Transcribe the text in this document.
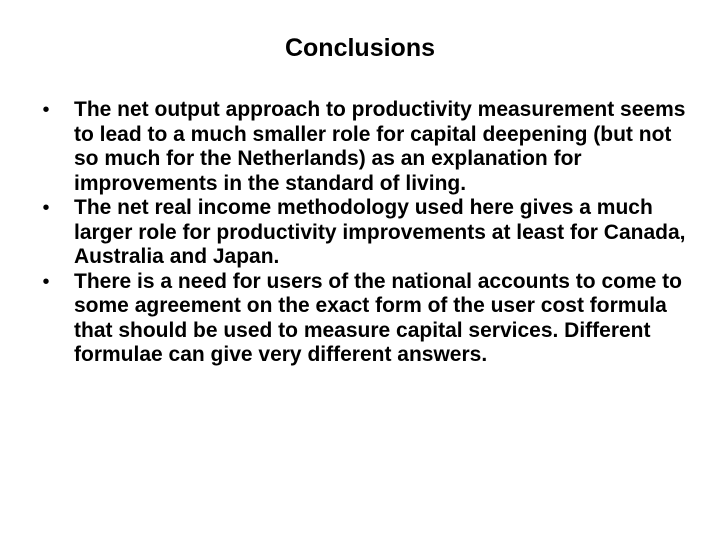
Conclusions
•	The net output approach to productivity measurement seems to lead to a much smaller role for capital deepening (but not so much for the Netherlands) as an explanation for improvements in the standard of living.
•	The net real income methodology used here gives a much larger role for productivity improvements at least for Canada, Australia and Japan.
•	There is a need for users of the national accounts to come to some agreement on the exact form of the user cost formula that should be used to measure capital services. Different formulae can give very different answers.
